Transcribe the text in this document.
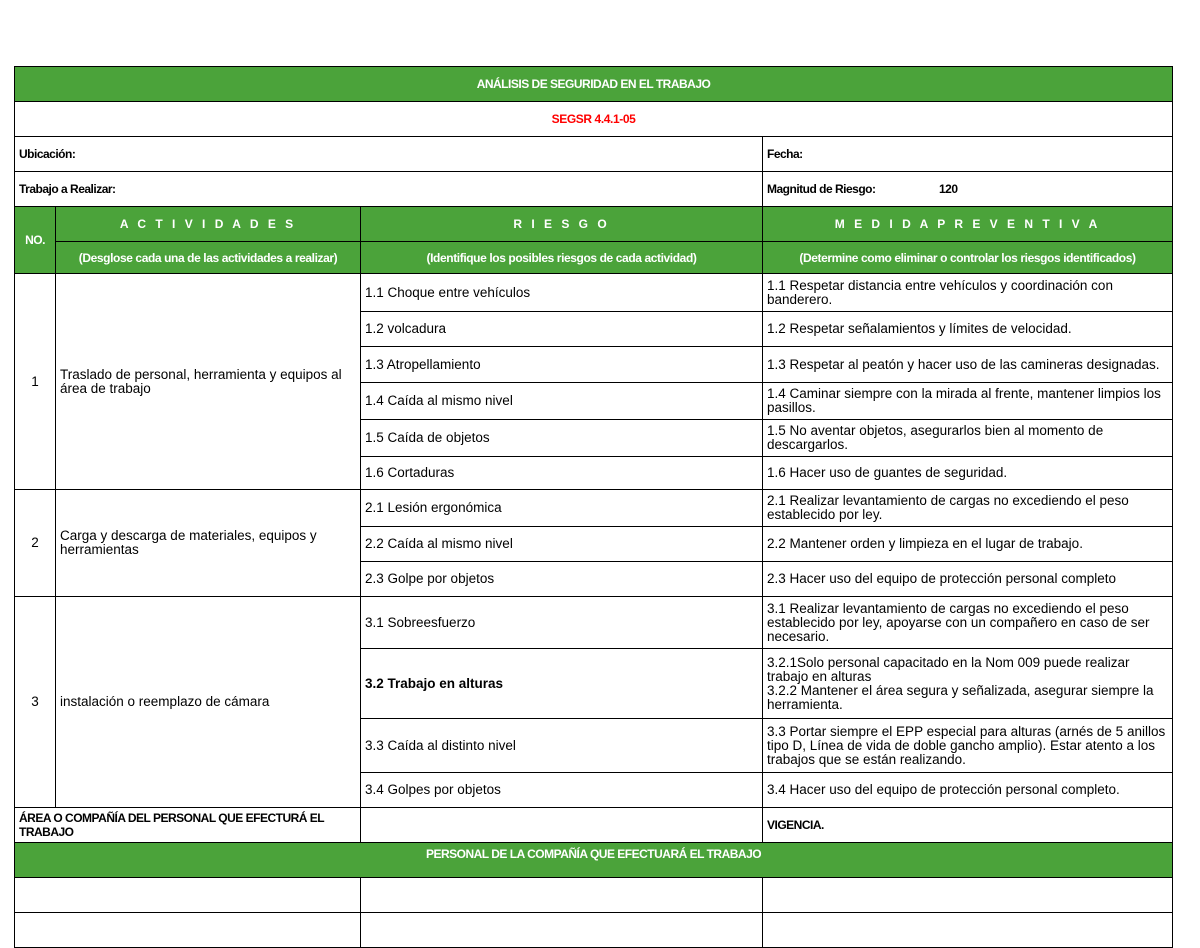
ANÁLISIS DE SEGURIDAD EN EL TRABAJO			
SEGSR 4.4.1-05			
Ubicación:			Fecha:
Trabajo a Realizar:			Magnitud de Riesgo: 120
NO.	A C T I V I D A D E S	R I E S G O	M E D I D A P R E V E N T I V A
	(Desglose cada una de las actividades a realizar)	(Identifique los posibles riesgos de cada actividad)	(Determine como eliminar o controlar los riesgos identificados)
1	Traslado de personal, herramienta y equipos al área de trabajo	1.1 Choque entre vehículos	1.1 Respetar distancia entre vehículos y coordinación con banderero.
		1.2 volcadura	1.2 Respetar señalamientos y límites de velocidad.
		1.3 Atropellamiento	1.3 Respetar al peatón y hacer uso de las camineras designadas.
		1.4 Caída al mismo nivel	1.4 Caminar siempre con la mirada al frente, mantener limpios los pasillos.
		1.5 Caída de objetos	1.5 No aventar objetos, asegurarlos bien al momento de descargarlos.
		1.6 Cortaduras	1.6 Hacer uso de guantes de seguridad.
2	Carga y descarga de materiales, equipos y herramientas	2.1 Lesión ergonómica	2.1 Realizar levantamiento de cargas no excediendo el peso establecido por ley.
		2.2 Caída al mismo nivel	2.2 Mantener orden y limpieza en el lugar de trabajo.
		2.3 Golpe por objetos	2.3 Hacer uso del equipo de protección personal completo
3	instalación o reemplazo de cámara	3.1 Sobreesfuerzo	3.1 Realizar levantamiento de cargas no excediendo el peso establecido por ley, apoyarse con un compañero en caso de ser necesario.
		3.2 Trabajo en alturas	3.2.1Solo personal capacitado en la Nom 009 puede realizar trabajo en alturas
3.2.2 Mantener el área segura y señalizada, asegurar siempre la herramienta.

		3.3 Caída al distinto nivel	3.3 Portar siempre el EPP especial para alturas (arnés de 5 anillos tipo D, Línea de vida de doble gancho amplio). Estar atento a los trabajos que se están realizando.
		3.4 Golpes por objetos	3.4 Hacer uso del equipo de protección personal completo.
ÁREA O COMPAÑÍA DEL PERSONAL QUE EFECTURÁ EL TRABAJO			VIGENCIA.
PERSONAL DE LA COMPAÑÍA QUE EFECTUARÁ EL TRABAJO			
